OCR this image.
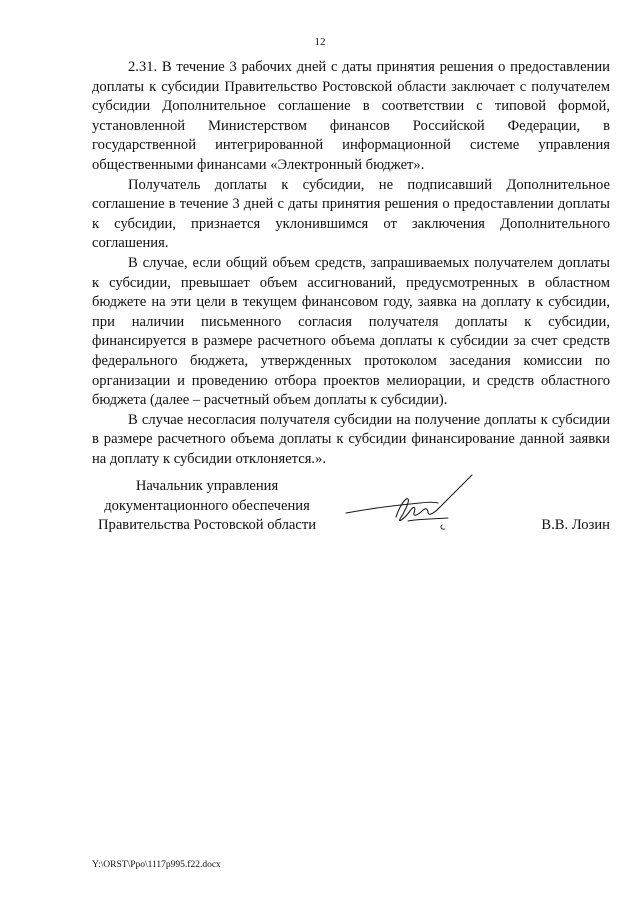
12

2.31. В течение 3 рабочих дней с даты принятия решения о предоставлении доплаты к субсидии Правительство Ростовской области заключает с получателем субсидии Дополнительное соглашение в соответствии с типовой формой, установленной Министерством финансов Российской Федерации, в государственной интегрированной информационной системе управления общественными финансами «Электронный бюджет».

Получатель доплаты к субсидии, не подписавший Дополнительное соглашение в течение 3 дней с даты принятия решения о предоставлении доплаты к субсидии, признается уклонившимся от заключения Дополнительного соглашения.

В случае, если общий объем средств, запрашиваемых получателем доплаты к субсидии, превышает объем ассигнований, предусмотренных в областном бюджете на эти цели в текущем финансовом году, заявка на доплату к субсидии, при наличии письменного согласия получателя доплаты к субсидии, финансируется в размере расчетного объема доплаты к субсидии за счет средств федерального бюджета, утвержденных протоколом заседания комиссии по организации и проведению отбора проектов мелиорации, и средств областного бюджета (далее – расчетный объем доплаты к субсидии).

В случае несогласия получателя субсидии на получение доплаты к субсидии в размере расчетного объема доплаты к субсидии финансирование данной заявки на доплату к субсидии отклоняется.».

Начальник управления
документационного обеспечения
Правительства Ростовской области	В.В. Лозин
Y:\ORST\Ppo\1117p995.f22.docx
